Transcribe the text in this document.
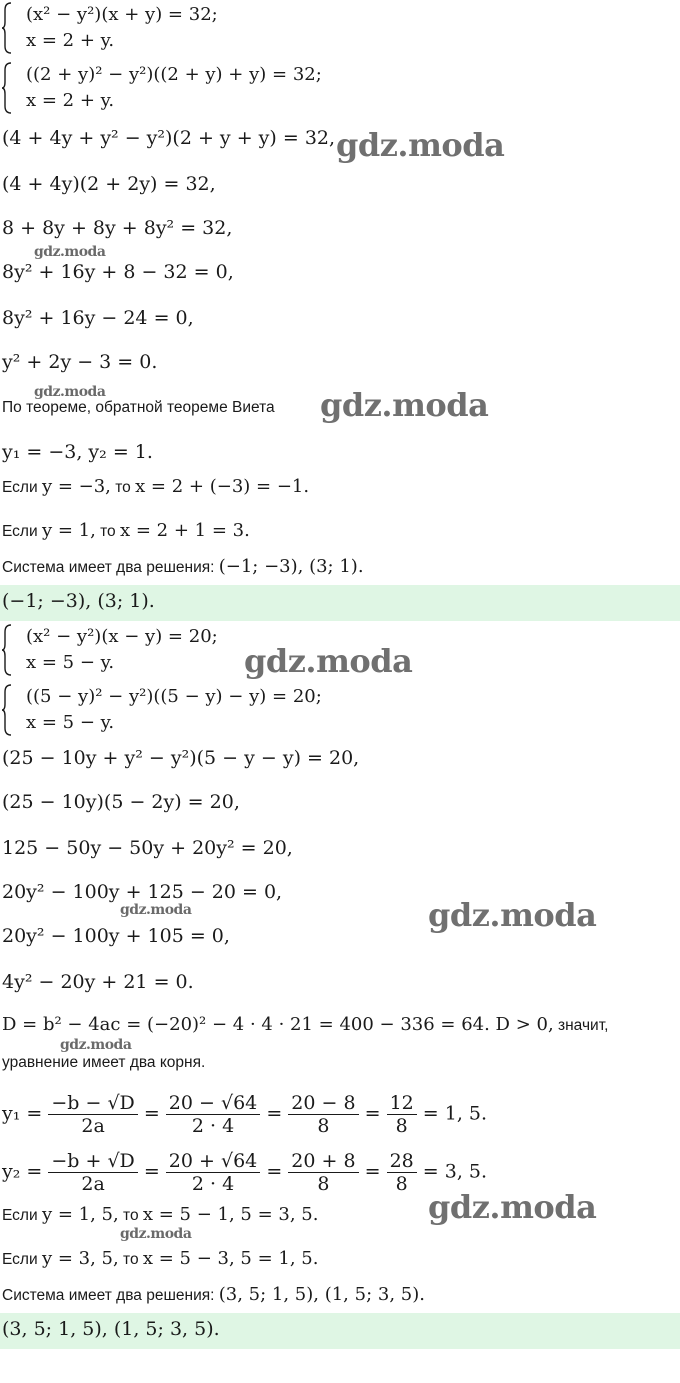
(x² − y²)(x + y) = 32;
x = 2 + y.
((2 + y)² − y²)((2 + y) + y) = 32;
x = 2 + y.
(4 + 4y + y² − y²)(2 + y + y) = 32, gdz.moda
(4 + 4y)(2 + 2y) = 32,
8 + 8y + 8y + 8y² = 32,
gdz.moda
8y² + 16y + 8 − 32 = 0,
8y² + 16y − 24 = 0,
y² + 2y − 3 = 0.
gdz.moda
По теореме, обратной теореме Виета gdz.moda
y₁ = −3, y₂ = 1.
Если y = −3, то x = 2 + (−3) = −1.
Если y = 1, то x = 2 + 1 = 3.
Система имеет два решения: (−1; −3), (3; 1).
(−1; −3), (3; 1).
(x² − y²)(x − y) = 20;
x = 5 − y.	gdz.moda
((5 − y)² − y²)((5 − y) − y) = 20;
x = 5 − y.
(25 − 10y + y² − y²)(5 − y − y) = 20,
(25 − 10y)(5 − 2y) = 20,
125 − 50y − 50y + 20y² = 20,
20y² − 100y + 125 − 20 = 0,
gdz.moda	gdz.moda
20y² − 100y + 105 = 0,
4y² − 20y + 21 = 0.
D = b² − 4ac = (−20)² − 4 · 4 · 21 = 400 − 336 = 64. D > 0, значит,
gdz.moda
уравнение имеет два корня.
$y_1 = \frac{-b - √D}{2a} = \frac{20 - √64}{2 \cdot 4} = \frac{20 - 8}{8} = \frac{12}{8} = 1$, 5.
$y_2 = \frac{-b + √D}{2a} = \frac{20 + √64}{2 \cdot 4} = \frac{20 + 8}{8} = \frac{28}{8} = 3$, 5.
gdz.moda
Если y = 1, 5, то x = 5 − 1, 5 = 3, 5.
gdz.moda
Если y = 3, 5, то x = 5 − 3, 5 = 1, 5.
Система имеет два решения: (3, 5; 1, 5), (1, 5; 3, 5).
(3, 5; 1, 5), (1, 5; 3, 5).
